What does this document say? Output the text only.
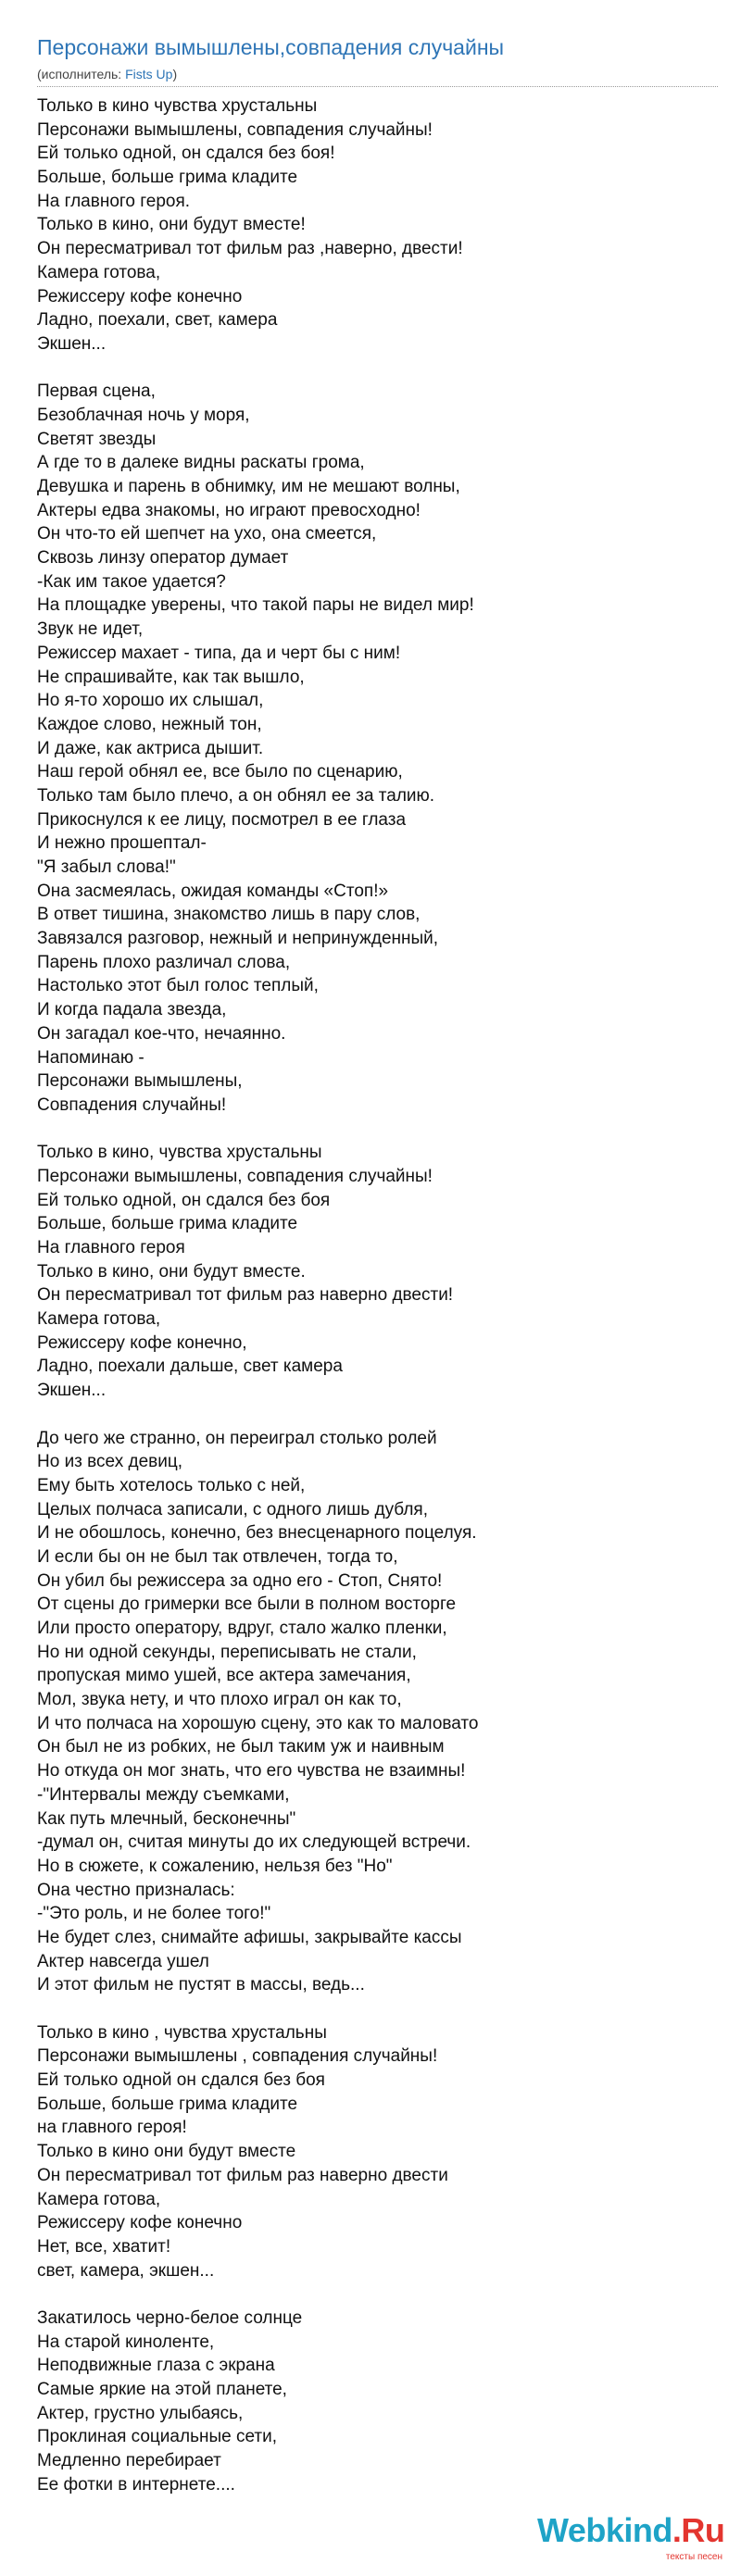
Персонажи вымышлены,совпадения случайны
(исполнитель: Fists Up)
Только в кино чувства хрустальны
Персонажи вымышлены, совпадения случайны!
Ей только одной, он сдался без боя!
Больше, больше грима кладите
На главного героя.
Только в кино, они будут вместе!
Он пересматривал тот фильм раз ,наверно, двести!
Камера готова,
Режиссеру кофе конечно
Ладно, поехали, свет, камера
Экшен...
Первая сцена,
Безоблачная ночь у моря,
Светят звезды
А где то в далеке видны раскаты грома,
Девушка и парень в обнимку, им не мешают волны,
Актеры едва знакомы, но играют превосходно!
Он что-то ей шепчет на ухо, она смеется,
Сквозь линзу оператор думает
-Как им такое удается?
На площадке уверены, что такой пары не видел мир!
Звук не идет,
Режиссер махает - типа, да и черт бы с ним!
Не спрашивайте, как так вышло,
Но я-то хорошо их слышал,
Каждое слово, нежный тон,
И даже, как актриса дышит.
Наш герой обнял ее, все было по сценарию,
Только там было плечо, а он обнял ее за талию.
Прикоснулся к ее лицу, посмотрел в ее глаза
И нежно прошептал-
"Я забыл слова!"
Она засмеялась, ожидая команды «Стоп!»
В ответ тишина, знакомство лишь в пару слов,
Завязался разговор, нежный и непринужденный,
Парень плохо различал слова,
Настолько этот был голос теплый,
И когда падала звезда,
Он загадал кое-что, нечаянно.
Напоминаю -
Персонажи вымышлены,
Совпадения случайны!
Только в кино, чувства хрустальны
Персонажи вымышлены, совпадения случайны!
Ей только одной, он сдался без боя
Больше, больше грима кладите
На главного героя
Только в кино, они будут вместе.
Он пересматривал тот фильм раз наверно двести!
Камера готова,
Режиссеру кофе конечно,
Ладно, поехали дальше, свет камера
Экшен...
До чего же странно, он переиграл столько ролей
Но из всех девиц,
Ему быть хотелось только с ней,
Целых полчаса записали, с одного лишь дубля,
И не обошлось, конечно, без внесценарного поцелуя.
И если бы он не был так отвлечен, тогда то,
Он убил бы режиссера за одно его - Стоп, Снято!
От сцены до гримерки все были в полном восторге
Или просто оператору, вдруг, стало жалко пленки,
Но ни одной секунды, переписывать не стали,
пропуская мимо ушей, все актера замечания,
Мол, звука нету, и что плохо играл он как то,
И что полчаса на хорошую сцену, это как то маловато
Он был не из робких, не был таким уж и наивным
Но откуда он мог знать, что его чувства не взаимны!
-"Интервалы между съемками,
Как путь млечный, бесконечны"
-думал он, считая минуты до их следующей встречи.
Но в сюжете, к сожалению, нельзя без "Но"
Она честно призналась:
-"Это роль, и не более того!"
Не будет слез, снимайте афишы, закрывайте кассы
Актер навсегда ушел
И этот фильм не пустят в массы, ведь...
Только в кино , чувства хрустальны
Персонажи вымышлены , совпадения случайны!
Ей только одной он сдался без боя
Больше, больше грима кладите
на главного героя!
Только в кино они будут вместе
Он пересматривал тот фильм раз наверно двести
Камера готова,
Режиссеру кофе конечно
Нет, все, хватит!
свет, камера, экшен...
Закатилось черно-белое солнце
На старой киноленте,
Неподвижные глаза с экрана
Самые яркие на этой планете,
Актер, грустно улыбаясь,
Проклиная социальные сети,
Медленно перебирает
Ее фотки в интернете....
Webkind.Ru
тексты песен
